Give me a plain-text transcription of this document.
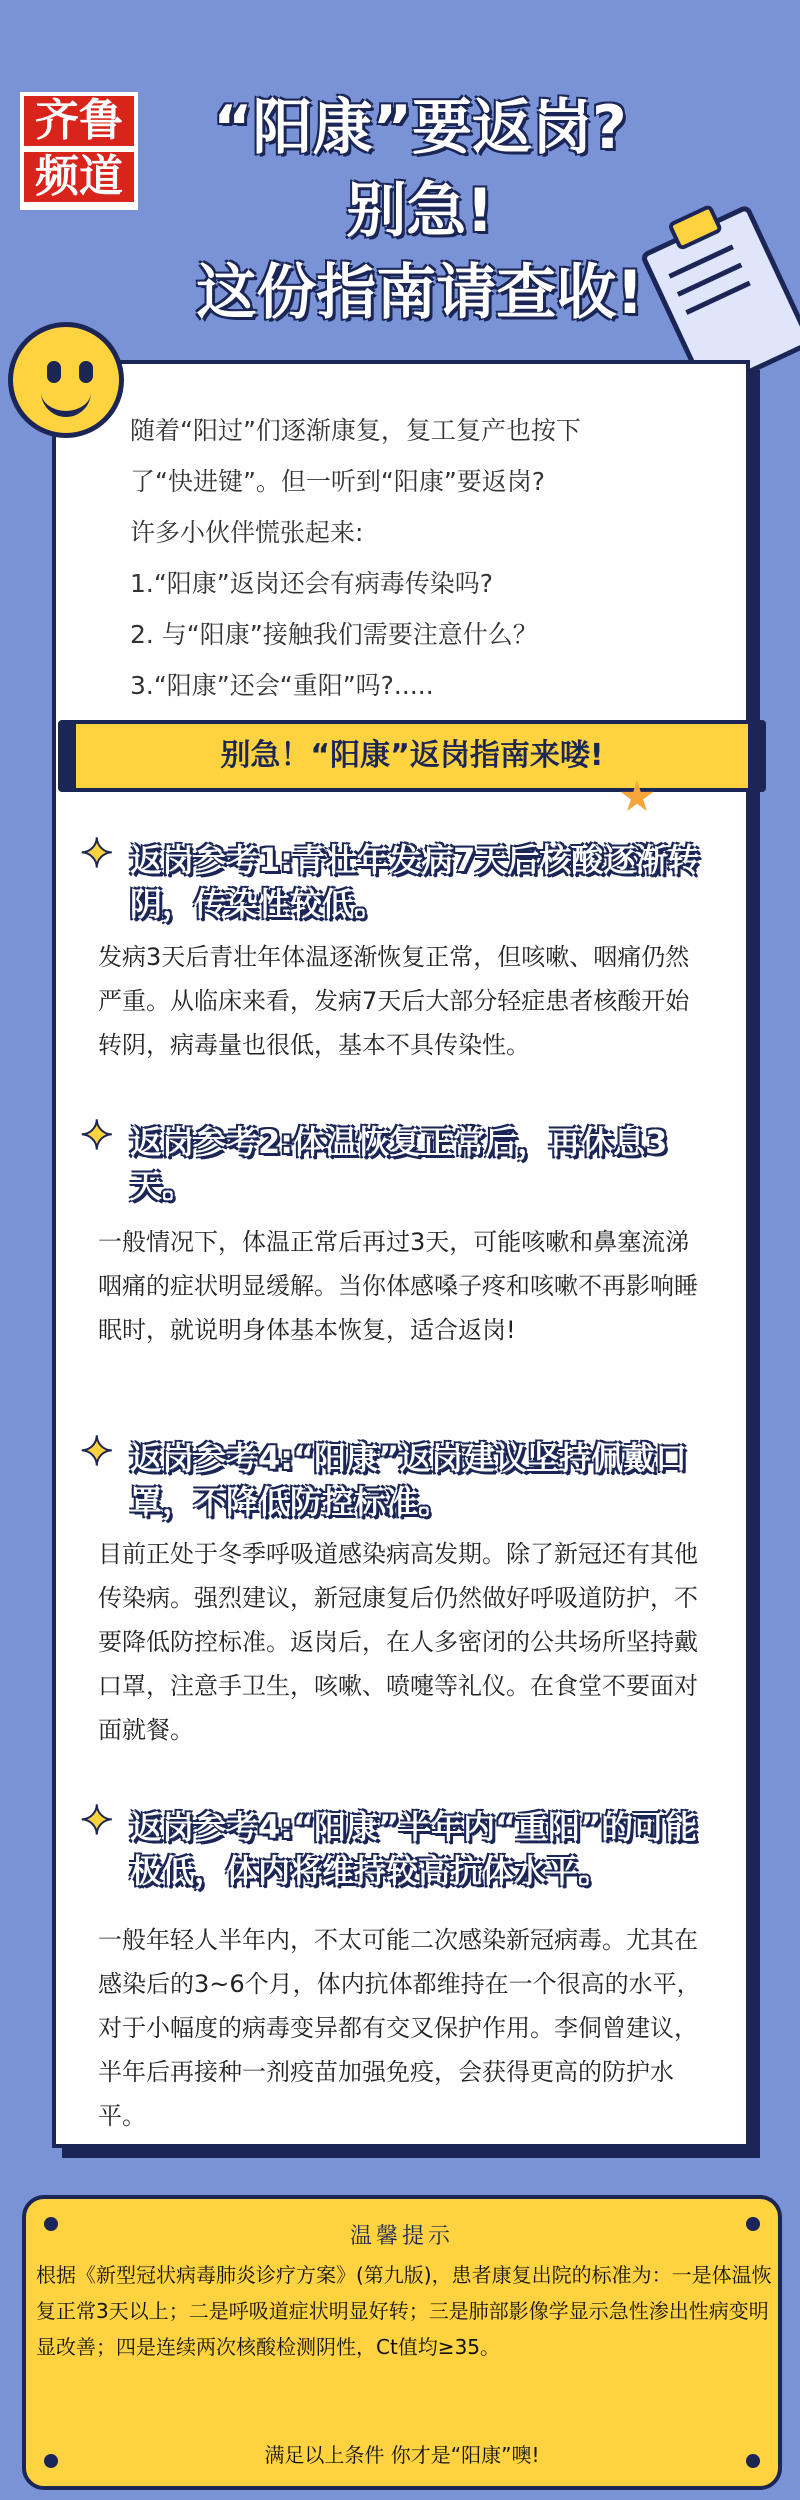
齐鲁
频道
“阳康”要返岗?
别急!
这份指南请查收!

随着“阳过”们逐渐康复，复工复产也按下

了“快进键”。但一听到“阳康”要返岗?

许多小伙伴慌张起来:

1.“阳康”返岗还会有病毒传染吗?

2. 与“阳康”接触我们需要注意什么？

3.“阳康”还会“重阳”吗?.....

别急！“阳康”返岗指南来喽!
✦
返岗参考1:青壮年发病7天后核酸逐渐转阴，传染性较低。
发病3天后青壮年体温逐渐恢复正常，但咳嗽、咽痛仍然严重。从临床来看，发病7天后大部分轻症患者核酸开始转阴，病毒量也很低，基本不具传染性。
✦
返岗参考2:体温恢复正常后，再休息3天。
一般情况下，体温正常后再过3天，可能咳嗽和鼻塞流涕咽痛的症状明显缓解。当你体感嗓子疼和咳嗽不再影响睡眠时，就说明身体基本恢复，适合返岗!
✦
返岗参考4:“阳康”返岗建议坚持佩戴口罩，不降低防控标准。
目前正处于冬季呼吸道感染病高发期。除了新冠还有其他传染病。强烈建议，新冠康复后仍然做好呼吸道防护，不要降低防控标准。返岗后，在人多密闭的公共场所坚持戴口罩，注意手卫生，咳嗽、喷嚏等礼仪。在食堂不要面对面就餐。
✦
返岗参考4:“阳康”半年内“重阳”的可能极低，体内将维持较高抗体水平。
一般年轻人半年内，不太可能二次感染新冠病毒。尤其在感染后的3~6个月，体内抗体都维持在一个很高的水平，对于小幅度的病毒变异都有交叉保护作用。李侗曾建议，半年后再接种一剂疫苗加强免疫，会获得更高的防护水平。
温馨提示
根据《新型冠状病毒肺炎诊疗方案》(第九版)，患者康复出院的标准为：一是体温恢复正常3天以上；二是呼吸道症状明显好转；三是肺部影像学显示急性渗出性病变明显改善；四是连续两次核酸检测阴性，Ct值均≥35。
满足以上条件 你才是“阳康”噢!
